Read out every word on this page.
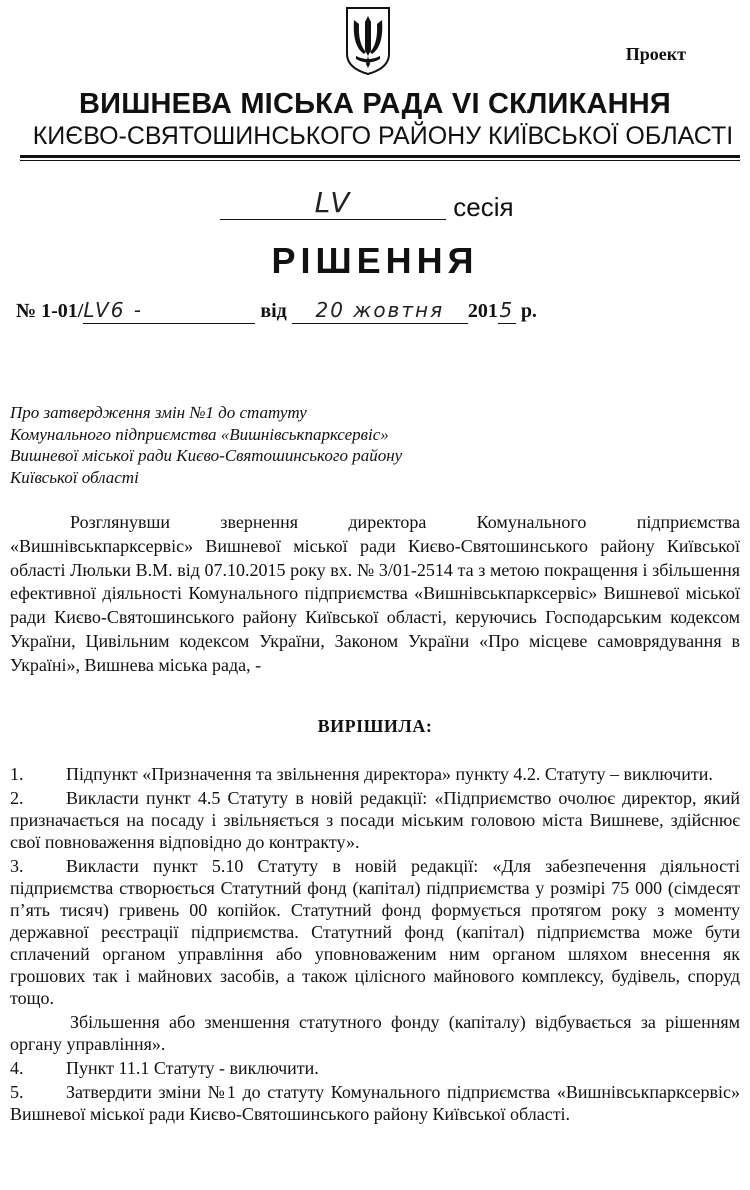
Проект
ВИШНЕВА МІСЬКА РАДА VI СКЛИКАННЯ
КИЄВО-СВЯТОШИНСЬКОГО РАЙОНУ КИЇВСЬКОЇ ОБЛАСТІ
LV	сесія
РІШЕННЯ
№ 1-01/LV6 -	від 20 жовтня 2015 р.
Про затвердження змін №1 до статуту
Комунального підприємства «Вишнівськпарксервіс»
Вишневої міської ради Києво-Святошинського району
Київської області
Розглянувши звернення директора Комунального підприємства «Вишнівськпарксервіс» Вишневої міської ради Києво-Святошинського району Київської області Люльки В.М. від 07.10.2015 року вх. № 3/01-2514 та з метою покращення і збільшення ефективної діяльності Комунального підприємства «Вишнівськпарксервіс» Вишневої міської ради Києво-Святошинського району Київської області, керуючись Господарським кодексом України, Цивільним кодексом України, Законом України «Про місцеве самоврядування в Україні», Вишнева міська рада, -
ВИРІШИЛА:
1. Підпункт «Призначення та звільнення директора» пункту 4.2. Статуту – виключити.
2. Викласти пункт 4.5 Статуту в новій редакції: «Підприємство очолює директор, який призначається на посаду і звільняється з посади міським головою міста Вишневе, здійснює свої повноваження відповідно до контракту».
3. Викласти пункт 5.10 Статуту в новій редакції: «Для забезпечення діяльності підприємства створюється Статутний фонд (капітал) підприємства у розмірі 75 000 (сімдесят п’ять тисяч) гривень 00 копійок. Статутний фонд формується протягом року з моменту державної реєстрації підприємства. Статутний фонд (капітал) підприємства може бути сплачений органом управління або уповноваженим ним органом шляхом внесення як грошових так і майнових засобів, а також цілісного майнового комплексу, будівель, споруд тощо.
Збільшення або зменшення статутного фонду (капіталу) відбувається за рішенням органу управління».
4. Пункт 11.1 Статуту - виключити.
5. Затвердити зміни №1 до статуту Комунального підприємства «Вишнівськпарксервіс» Вишневої міської ради Києво-Святошинського району Київської області.
